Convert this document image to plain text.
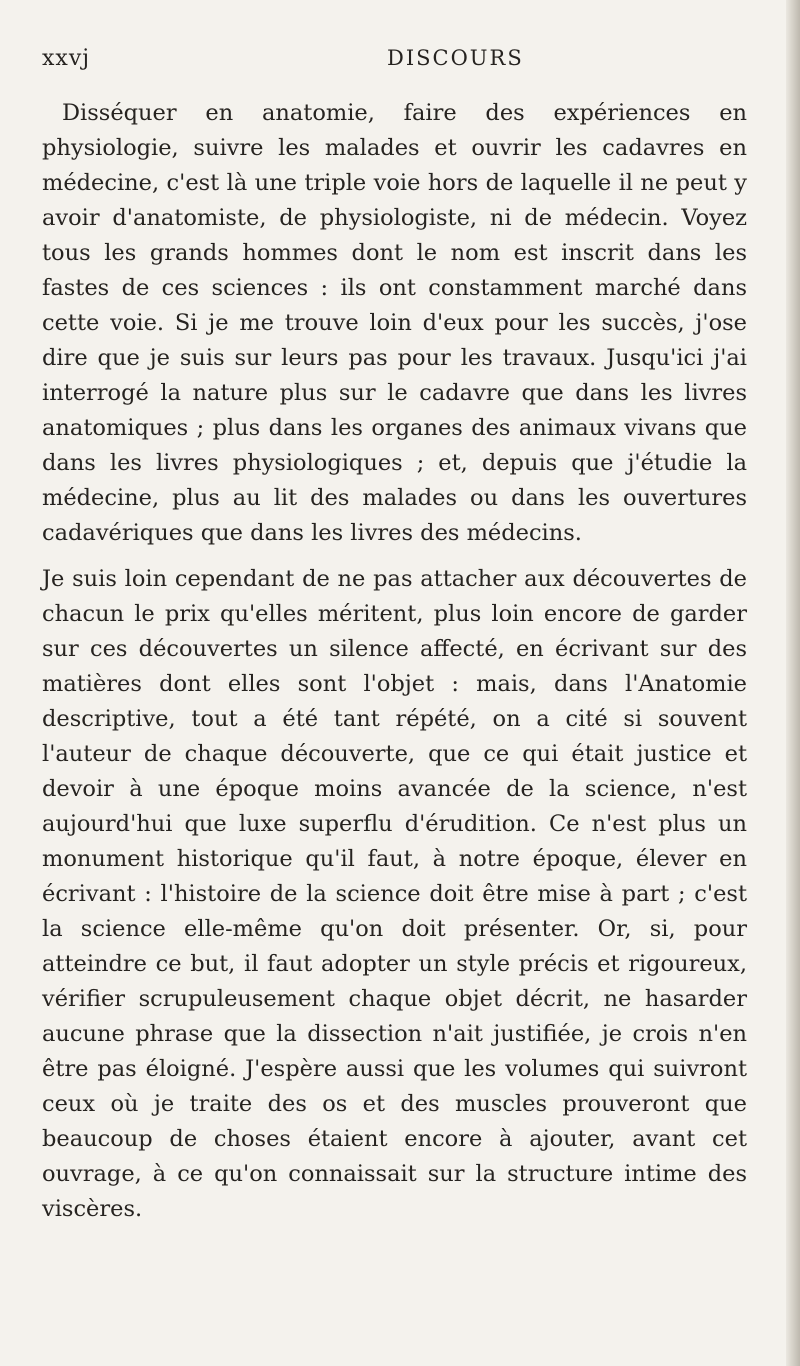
xxvj	DISCOURS

Disséquer en anatomie, faire des expériences en physiologie, suivre les malades et ouvrir les cadavres en médecine, c'est là une triple voie hors de laquelle il ne peut y avoir d'anatomiste, de physiologiste, ni de médecin. Voyez tous les grands hommes dont le nom est inscrit dans les fastes de ces sciences : ils ont constamment marché dans cette voie. Si je me trouve loin d'eux pour les succès, j'ose dire que je suis sur leurs pas pour les travaux. Jusqu'ici j'ai interrogé la nature plus sur le cadavre que dans les livres anatomiques ; plus dans les organes des animaux vivans que dans les livres physiologiques ; et, depuis que j'étudie la médecine, plus au lit des malades ou dans les ouvertures cadavériques que dans les livres des médecins.

Je suis loin cependant de ne pas attacher aux découvertes de chacun le prix qu'elles méritent, plus loin encore de garder sur ces découvertes un silence affecté, en écrivant sur des matières dont elles sont l'objet : mais, dans l'Anatomie descriptive, tout a été tant répété, on a cité si souvent l'auteur de chaque découverte, que ce qui était justice et devoir à une époque moins avancée de la science, n'est aujourd'hui que luxe superflu d'érudition. Ce n'est plus un monument historique qu'il faut, à notre époque, élever en écrivant : l'histoire de la science doit être mise à part ; c'est la science elle-même qu'on doit présenter. Or, si, pour atteindre ce but, il faut adopter un style précis et rigoureux, vérifier scrupuleusement chaque objet décrit, ne hasarder aucune phrase que la dissection n'ait justifiée, je crois n'en être pas éloigné. J'espère aussi que les volumes qui suivront ceux où je traite des os et des muscles prouveront que beaucoup de choses étaient encore à ajouter, avant cet ouvrage, à ce qu'on connaissait sur la structure intime des viscères.
